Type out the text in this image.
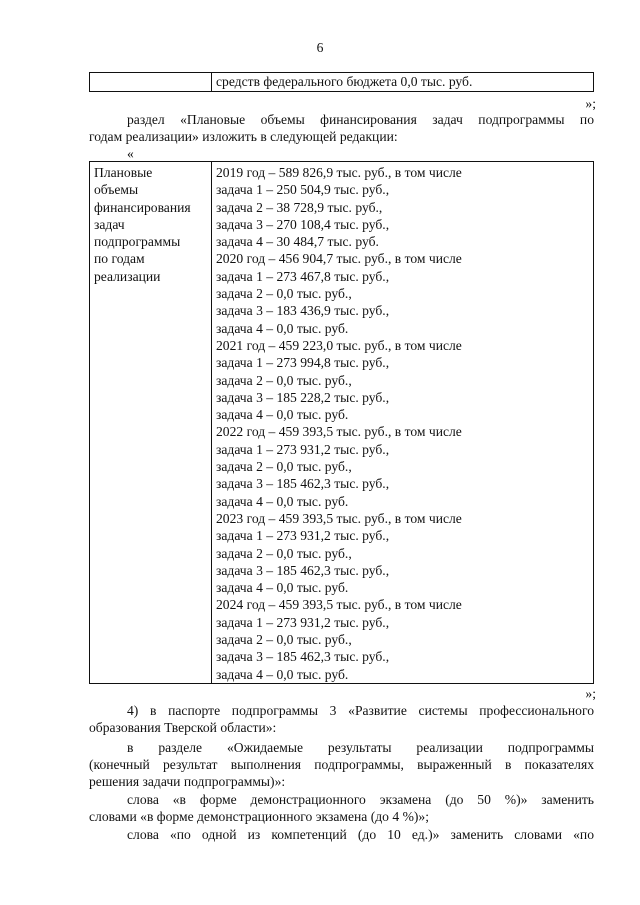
6
средств федерального бюджета 0,0 тыс. руб.
»;
раздел «Плановые объемы финансирования задач подпрограммы по
годам реализации» изложить в следующей редакции:
«
Плановые
объемы
финансирования
задач
подпрограммы
по годам
реализации
2019 год – 589 826,9 тыс. руб., в том числе
задача 1 – 250 504,9 тыс. руб.,
задача 2 – 38 728,9 тыс. руб.,
задача 3 – 270 108,4 тыс. руб.,
задача 4 – 30 484,7 тыс. руб.
2020 год – 456 904,7 тыс. руб., в том числе
задача 1 – 273 467,8 тыс. руб.,
задача 2 – 0,0 тыс. руб.,
задача 3 – 183 436,9 тыс. руб.,
задача 4 – 0,0 тыс. руб.
2021 год – 459 223,0 тыс. руб., в том числе
задача 1 – 273 994,8 тыс. руб.,
задача 2 – 0,0 тыс. руб.,
задача 3 – 185 228,2 тыс. руб.,
задача 4 – 0,0 тыс. руб.
2022 год – 459 393,5 тыс. руб., в том числе
задача 1 – 273 931,2 тыс. руб.,
задача 2 – 0,0 тыс. руб.,
задача 3 – 185 462,3 тыс. руб.,
задача 4 – 0,0 тыс. руб.
2023 год – 459 393,5 тыс. руб., в том числе
задача 1 – 273 931,2 тыс. руб.,
задача 2 – 0,0 тыс. руб.,
задача 3 – 185 462,3 тыс. руб.,
задача 4 – 0,0 тыс. руб.
2024 год – 459 393,5 тыс. руб., в том числе
задача 1 – 273 931,2 тыс. руб.,
задача 2 – 0,0 тыс. руб.,
задача 3 – 185 462,3 тыс. руб.,
задача 4 – 0,0 тыс. руб.
»;
4) в паспорте подпрограммы 3 «Развитие системы профессионального
образования Тверской области»:
в разделе «Ожидаемые результаты реализации подпрограммы
(конечный результат выполнения подпрограммы, выраженный в показателях
решения задачи подпрограммы)»:
слова «в форме демонстрационного экзамена (до 50 %)» заменить
словами «в форме демонстрационного экзамена (до 4 %)»;
слова «по одной из компетенций (до 10 ед.)» заменить словами «по
